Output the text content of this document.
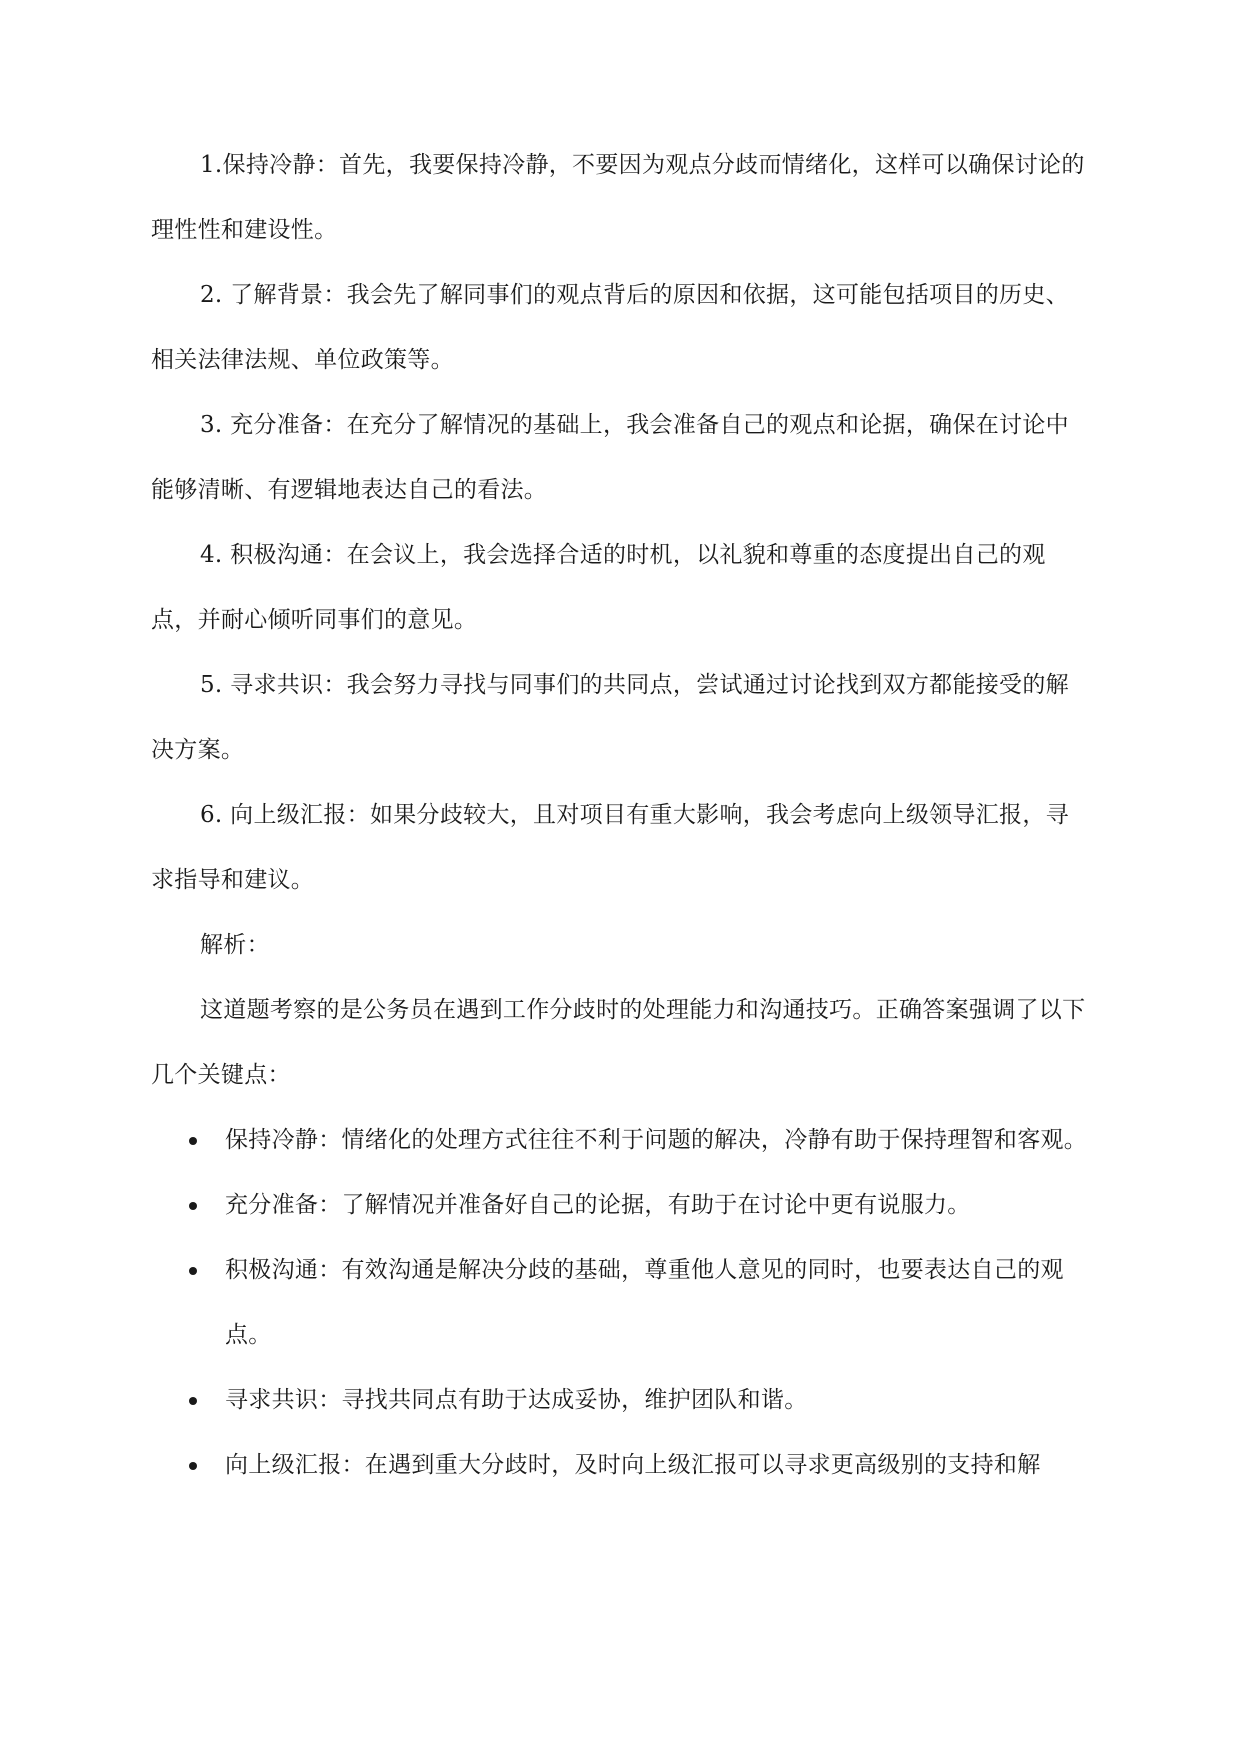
1.保持冷静：首先，我要保持冷静，不要因为观点分歧而情绪化，这样可以确保讨论的理性性和建设性。

2. 了解背景：我会先了解同事们的观点背后的原因和依据，这可能包括项目的历史、相关法律法规、单位政策等。

3. 充分准备：在充分了解情况的基础上，我会准备自己的观点和论据，确保在讨论中能够清晰、有逻辑地表达自己的看法。

4. 积极沟通：在会议上，我会选择合适的时机，以礼貌和尊重的态度提出自己的观点，并耐心倾听同事们的意见。

5. 寻求共识：我会努力寻找与同事们的共同点，尝试通过讨论找到双方都能接受的解决方案。

6. 向上级汇报：如果分歧较大，且对项目有重大影响，我会考虑向上级领导汇报，寻求指导和建议。

解析：

这道题考察的是公务员在遇到工作分歧时的处理能力和沟通技巧。正确答案强调了以下几个关键点：

保持冷静：情绪化的处理方式往往不利于问题的解决，冷静有助于保持理智和客观。
充分准备：了解情况并准备好自己的论据，有助于在讨论中更有说服力。
积极沟通：有效沟通是解决分歧的基础，尊重他人意见的同时，也要表达自己的观点。
寻求共识：寻找共同点有助于达成妥协，维护团队和谐。
向上级汇报：在遇到重大分歧时，及时向上级汇报可以寻求更高级别的支持和解
